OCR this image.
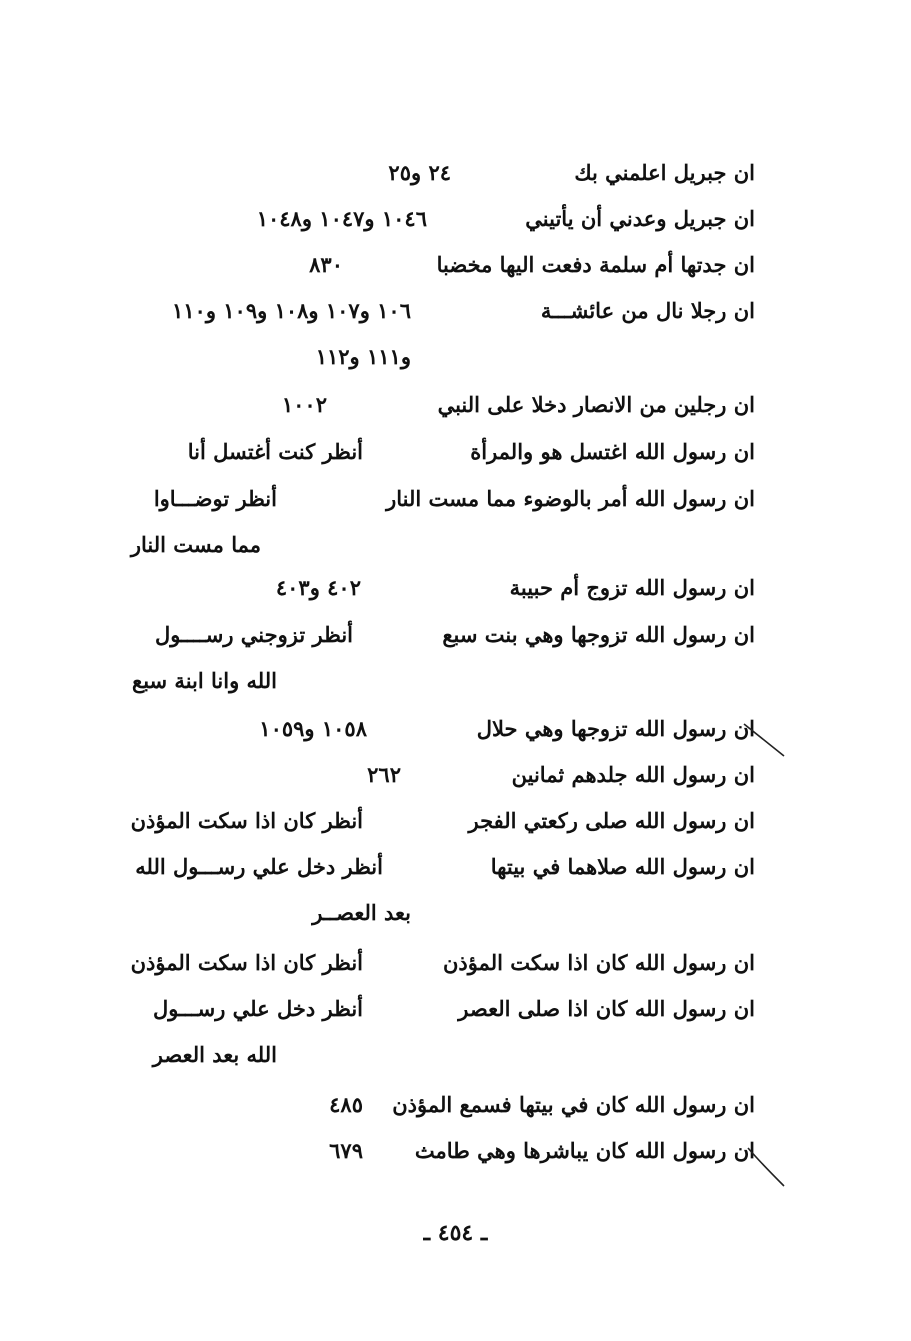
ان جبريل اعلمني بك
٢٤ و٢٥
ان جبريل وعدني أن يأتيني
١٠٤٦ و١٠٤٧ و١٠٤٨
ان جدتها أم سلمة دفعت اليها مخضبا
٨٣٠
ان رجلا نال من عائشـــة
١٠٦ و١٠٧ و١٠٨ و١٠٩ و١١٠
و١١١ و١١٢
ان رجلين من الانصار دخلا على النبي
١٠٠٢
ان رسول الله اغتسل هو والمرأة
أنظر كنت أغتسل أنا
ان رسول الله أمر بالوضوء مما مست النار
أنظر توضـــاوا
مما مست النار
ان رسول الله تزوج أم حبيبة
٤٠٢ و٤٠٣
ان رسول الله تزوجها وهي بنت سبع
أنظر تزوجني رســــول
الله وانا ابنة سبع
ان رسول الله تزوجها وهي حلال
١٠٥٨ و١٠٥٩
ان رسول الله جلدهم ثمانين
٢٦٢
ان رسول الله صلى ركعتي الفجر
أنظر كان اذا سكت المؤذن
ان رسول الله صلاهما في بيتها
أنظر دخل علي رســـول الله
بعد العصــر
ان رسول الله كان اذا سكت المؤذن
أنظر كان اذا سكت المؤذن
ان رسول الله كان اذا صلى العصر
أنظر دخل علي رســـول
الله بعد العصر
ان رسول الله كان في بيتها فسمع المؤذن
٤٨٥
ان رسول الله كان يباشرها وهي طامث
٦٧٩
ـ ٤٥٤ ـ
